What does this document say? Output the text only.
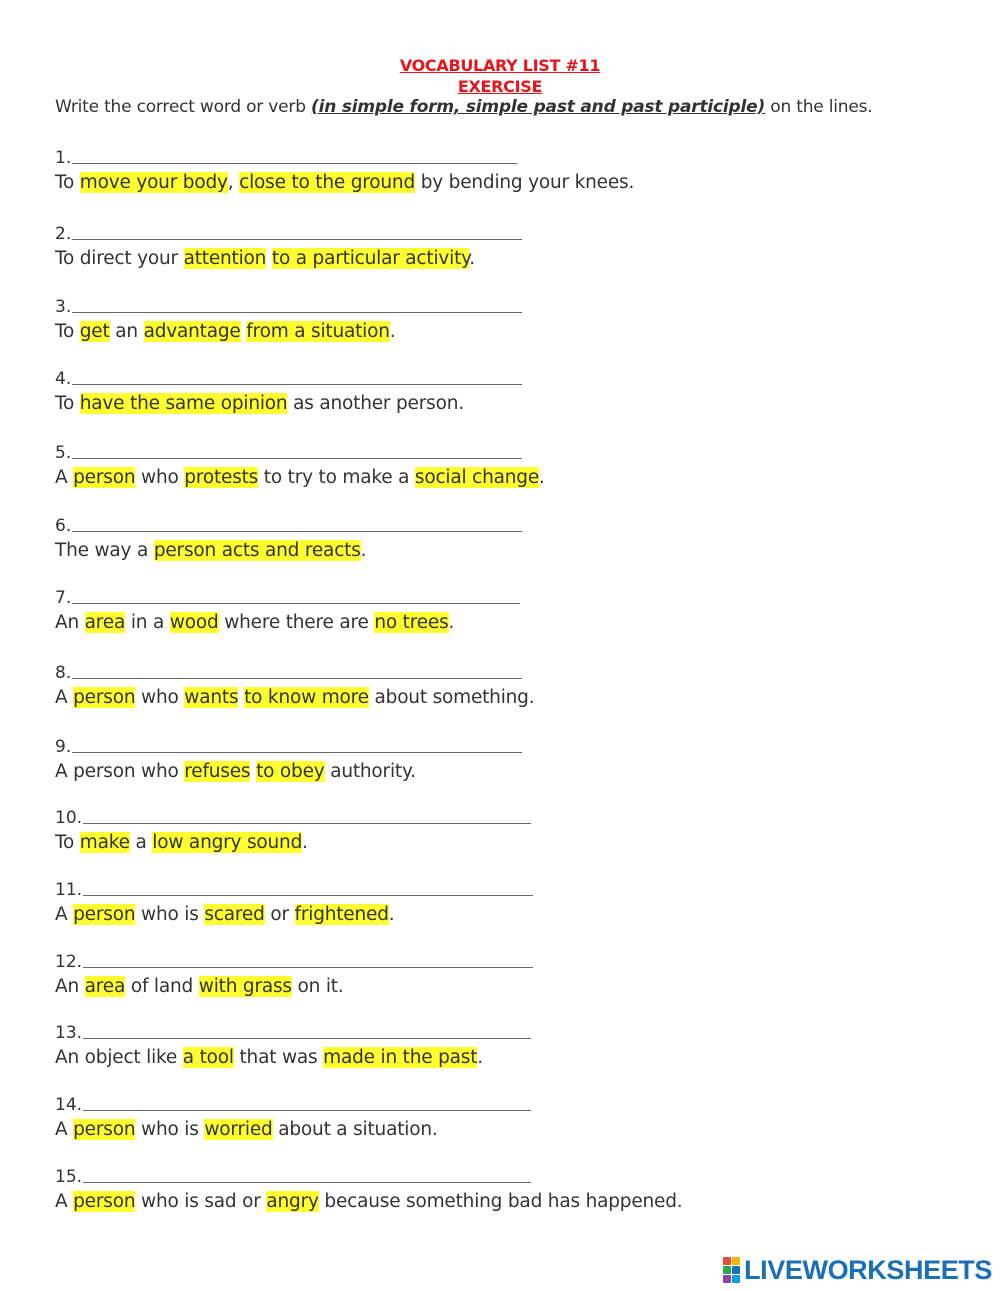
VOCABULARY LIST #11
EXERCISE
Write the correct word or verb (in simple form, simple past and past participle) on the lines.
1.
To move your body, close to the ground by bending your knees.
2.
To direct your attention to a particular activity.
3.
To get an advantage from a situation.
4.
To have the same opinion as another person.
5.
A person who protests to try to make a social change.
6.
The way a person acts and reacts.
7.
An area in a wood where there are no trees.
8.
A person who wants to know more about something.
9.
A person who refuses to obey authority.
10.
To make a low angry sound.
11.
A person who is scared or frightened.
12.
An area of land with grass on it.
13.
An object like a tool that was made in the past.
14.
A person who is worried about a situation.
15.
A person who is sad or angry because something bad has happened.
LIVEWORKSHEETS
